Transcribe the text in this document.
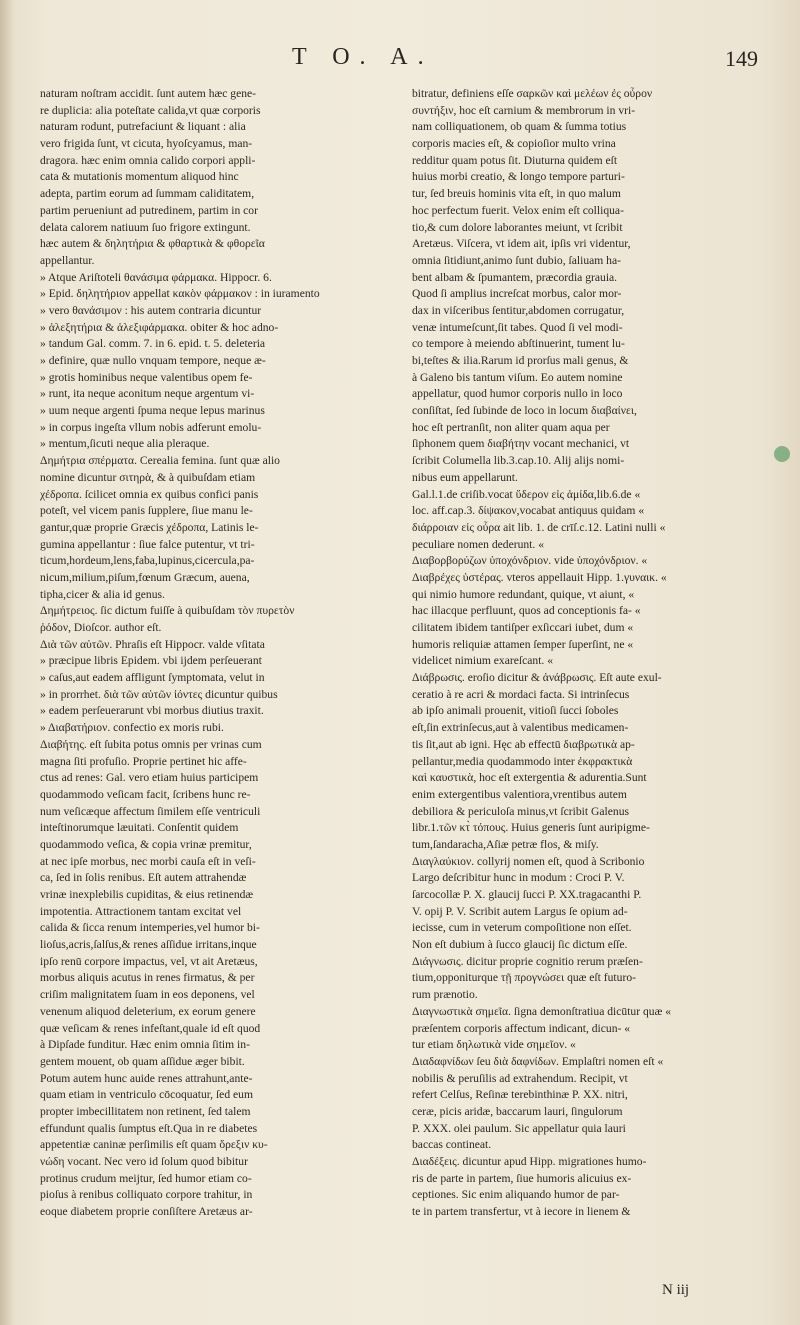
T O. A.	149
naturam noſtram accidit. ſunt autem hæc gene-
re duplicia: alia poteſtate calida,vt quæ corporis
naturam rodunt, putrefaciunt & liquant : alia
vero frigida ſunt, vt cicuta, hyoſcyamus, man-
dragora. hæc enim omnia calido corpori appli-
cata & mutationis momentum aliquod hinc
adepta, partim eorum ad ſummam caliditatem,
partim perueniunt ad putredinem, partim in cor
delata calorem natiuum ſuo frigore extingunt.
hæc autem & δηλητήρια & φθαρτικὰ & φθορεῖα
appellantur.
» Atque Ariſtoteli θανάσιμα φάρμακα. Hippocr. 6.
» Epid. δηλητήριον appellat κακὸν φάρμακον : in iuramento
» vero θανάσιμον : his autem contraria dicuntur
» ἀλεξητήρια & ἀλεξιφάρμακα. obiter & hoc adno-
» tandum Gal. comm. 7. in 6. epid. t. 5. deleteria
» definire, quæ nullo vnquam tempore, neque æ-
» grotis hominibus neque valentibus opem fe-
» runt, ita neque aconitum neque argentum vi-
» uum neque argenti ſpuma neque lepus marinus
» in corpus ingeſta vllum nobis adferunt emolu-
» mentum,ſicuti neque alia pleraque.
Δημήτρια σπέρματα. Cerealia femina. ſunt quæ alio
nomine dicuntur σιτηρὰ, & à quibuſdam etiam
χέδροπα. ſcilicet omnia ex quibus confici panis
poteſt, vel vicem panis ſupplere, ſiue manu le-
gantur,quæ proprie Græcis χέδροπα, Latinis le-
gumina appellantur : ſiue falce putentur, vt tri-
ticum,hordeum,lens,faba,lupinus,cicercula,pa-
nicum,milium,piſum,fœnum Græcum, auena,
tipha,cicer & alia id genus.
Δημήτρειος. ſic dictum fuiſſe à quibuſdam τὸν πυρετὸν
ῥόδον, Dioſcor. author eſt.
Διὰ τῶν αὐτῶν. Phraſis eſt Hippocr. valde vſitata
» præcipue libris Epidem. vbi ijdem perſeuerant
» caſus,aut eadem affligunt ſymptomata, velut in
» in prorrhet. διὰ τῶν αὐτῶν ἰόντες dicuntur quibus
» eadem perſeuerarunt vbi morbus diutius traxit.
» Διαβατήριον. confectio ex moris rubi.
Διαβήτης. eſt ſubita potus omnis per vrinas cum
magna ſiti profuſio. Proprie pertinet hic affe-
ctus ad renes: Gal. vero etiam huius participem
quodammodo veſicam facit, ſcribens hunc re-
num veſicæque affectum ſimilem eſſe ventriculi
inteſtinorumque læuitati. Conſentit quidem
quodammodo veſica, & copia vrinæ premitur,
at nec ipſe morbus, nec morbi cauſa eſt in veſi-
ca, ſed in ſolis renibus. Eſt autem attrahendæ
vrinæ inexplebilis cupiditas, & eius retinendæ
impotentia. Attractionem tantam excitat vel
calida & ſicca renum intemperies,vel humor bi-
lioſus,acris,ſalſus,& renes aſſidue irritans,inque
ipſo renū corpore impactus, vel, vt ait Aretæus,
morbus aliquis acutus in renes firmatus, & per
criſim malignitatem ſuam in eos deponens, vel
venenum aliquod deleterium, ex eorum genere
quæ veſicam & renes infeſtant,quale id eſt quod
à Dipſade funditur. Hæc enim omnia ſitim in-
gentem mouent, ob quam aſſidue æger bibit.
Potum autem hunc auide renes attrahunt,ante-
quam etiam in ventriculo cōcoquatur, ſed eum
propter imbecillitatem non retinent, ſed talem
effundunt qualis ſumptus eſt.Qua in re diabetes
appetentiæ caninæ perſimilis eſt quam ὄρεξιν κυ-
νώδη vocant. Nec vero id ſolum quod bibitur
protinus crudum meijtur, ſed humor etiam co-
pioſus à renibus colliquato corpore trahitur, in
eoque diabetem proprie conſiſtere Aretæus ar-
bitratur, definiens eſſe σαρκῶν καὶ μελέων ἐς οὖρον
συντήξιν, hoc eſt carnium & membrorum in vri-
nam colliquationem, ob quam & ſumma totius
corporis macies eſt, & copioſior multo vrina
redditur quam potus ſit. Diuturna quidem eſt
huius morbi creatio, & longo tempore parturi-
tur, ſed breuis hominis vita eſt, in quo malum
hoc perfectum fuerit. Velox enim eſt colliqua-
tio,& cum dolore laborantes meiunt, vt ſcribit
Aretæus. Viſcera, vt idem ait, ipſis vri videntur,
omnia ſitidiunt,animo ſunt dubio, ſaliuam ha-
bent albam & ſpumantem, præcordia grauia.
Quod ſi amplius increſcat morbus, calor mor-
dax in viſceribus ſentitur,abdomen corrugatur,
venæ intumeſcunt,ſit tabes. Quod ſi vel modi-
co tempore à meiendo abſtinuerint, tument lu-
bi,teſtes & ilia.Rarum id prorſus mali genus, &
à Galeno bis tantum viſum. Eo autem nomine
appellatur, quod humor corporis nullo in loco
conſiſtat, ſed ſubinde de loco in locum διαβαίνει,
hoc eſt pertranſit, non aliter quam aqua per
ſiphonem quem διαβήτην vocant mechanici, vt
ſcribit Columella lib.3.cap.10. Alij alijs nomi-
nibus eum appellarunt.
Gal.l.1.de criſib.vocat ὕδερον εἰς ἀμίδα,lib.6.de «
loc. aff.cap.3. δίψακον,vocabat antiquus quidam «
διάρροιαν εἰς οὖρα ait lib. 1. de crīſ.c.12. Latini nulli «
peculiare nomen dederunt. «
Διαβορβορύζων ὑποχόνδριον. vide ὑποχόνδριον. «
Διαβρέχες ὑστέρας. vteros appellauit Hipp. 1.γυναικ. «
qui nimio humore redundant, quique, vt aiunt, «
hac illacque perfluunt, quos ad conceptionis fa- «
cilitatem ibidem tantiſper exſiccari iubet, dum «
humoris reliquiæ attamen ſemper ſuperſint, ne «
videlicet nimium exareſcant. «
Διάβρωσις. eroſio dicitur & ἀνάβρωσις. Eſt aute exul-
ceratio à re acri & mordaci facta. Si intrinſecus
ab ipſo animali prouenit, vitioſi ſucci ſoboles
eſt,ſin extrinſecus,aut à valentibus medicamen-
tis ſit,aut ab igni. Hęc ab effectū διαβρωτικὰ ap-
pellantur,media quodammodo inter ἐκφρακτικὰ
καὶ καυστικὰ, hoc eſt extergentia & adurentia.Sunt
enim extergentibus valentiora,vrentibus autem
debiliora & periculoſa minus,vt ſcribit Galenus
libr.1.τῶν κτ̀ τόπους. Huius generis ſunt auripigme-
tum,ſandaracha,Aſiæ petræ flos, & miſy.
Διαγλαύκιον. collyrij nomen eſt, quod à Scribonio
Largo deſcribitur hunc in modum : Croci P. V.
ſarcocollæ P. X. glaucij ſucci P. XX.tragacanthi P.
V. opij P. V. Scribit autem Largus ſe opium ad-
iecisse, cum in veterum compoſitione non eſſet.
Non eſt dubium à ſucco glaucij ſic dictum eſſe.
Διάγνωσις. dicitur proprie cognitio rerum præſen-
tium,opponiturque τῇ προγνώσει quæ eſt futuro-
rum prænotio.
Διαγνωστικὰ σημεῖα. ſigna demonſtratiua dicūtur quæ «
præſentem corporis affectum indicant, dicun- «
tur etiam δηλωτικὰ vide σημεῖον. «
Διαδαφνίδων ſeu διὰ δαφνίδων. Emplaſtri nomen eſt «
nobilis & peruſilis ad extrahendum. Recipit, vt
refert Celſus, Reſinæ terebinthinæ P. XX. nitri,
ceræ, picis aridæ, baccarum lauri, ſingulorum
P. XXX. olei paulum. Sic appellatur quia lauri
baccas contineat.
Διαδέξεις. dicuntur apud Hipp. migrationes humo-
ris de parte in partem, ſiue humoris alicuius ex-
ceptiones. Sic enim aliquando humor de par-
te in partem transfertur, vt à iecore in lienem &
N iij
